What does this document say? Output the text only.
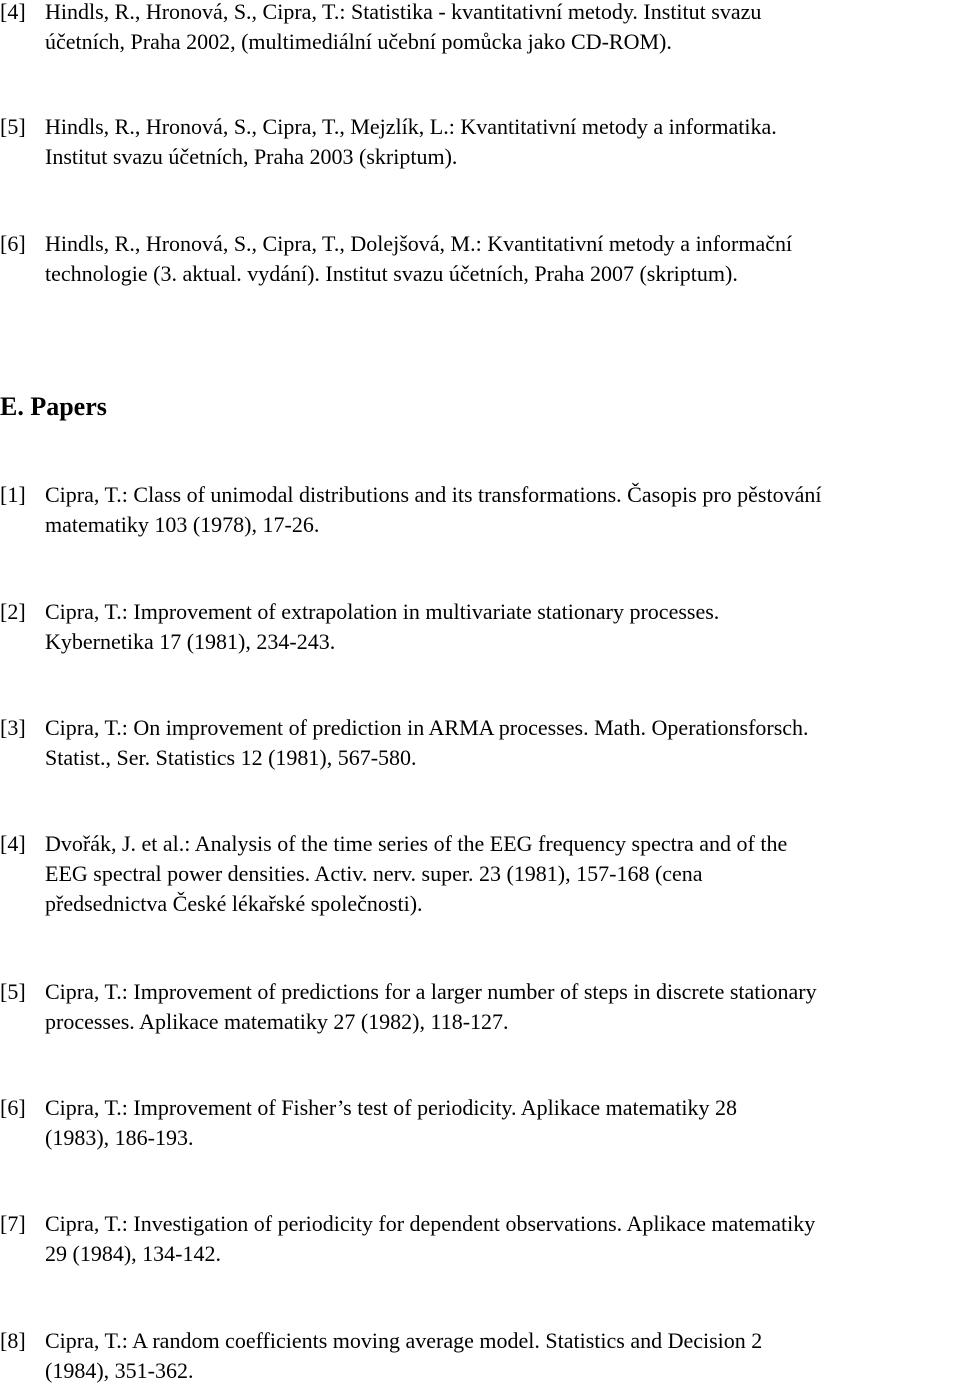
[4] Hindls, R., Hronová, S., Cipra, T.: Statistika - kvantitativní metody. Institut svazu
účetních, Praha 2002, (multimediální učební pomůcka jako CD-ROM).
[5] Hindls, R., Hronová, S., Cipra, T., Mejzlík, L.: Kvantitativní metody a informatika.
Institut svazu účetních, Praha 2003 (skriptum).
[6] Hindls, R., Hronová, S., Cipra, T., Dolejšová, M.: Kvantitativní metody a informační
technologie (3. aktual. vydání). Institut svazu účetních, Praha 2007 (skriptum).
E. Papers
[1] Cipra, T.: Class of unimodal distributions and its transformations. Časopis pro pěstování
matematiky 103 (1978), 17-26.
[2] Cipra, T.: Improvement of extrapolation in multivariate stationary processes.
Kybernetika 17 (1981), 234-243.
[3] Cipra, T.: On improvement of prediction in ARMA processes. Math. Operationsforsch.
Statist., Ser. Statistics 12 (1981), 567-580.
[4] Dvořák, J. et al.: Analysis of the time series of the EEG frequency spectra and of the
EEG spectral power densities. Activ. nerv. super. 23 (1981), 157-168 (cena
předsednictva České lékařské společnosti).
[5] Cipra, T.: Improvement of predictions for a larger number of steps in discrete stationary
processes. Aplikace matematiky 27 (1982), 118-127.
[6] Cipra, T.: Improvement of Fisher’s test of periodicity. Aplikace matematiky 28
(1983), 186-193.
[7] Cipra, T.: Investigation of periodicity for dependent observations. Aplikace matematiky
29 (1984), 134-142.
[8] Cipra, T.: A random coefficients moving average model. Statistics and Decision 2
(1984), 351-362.
